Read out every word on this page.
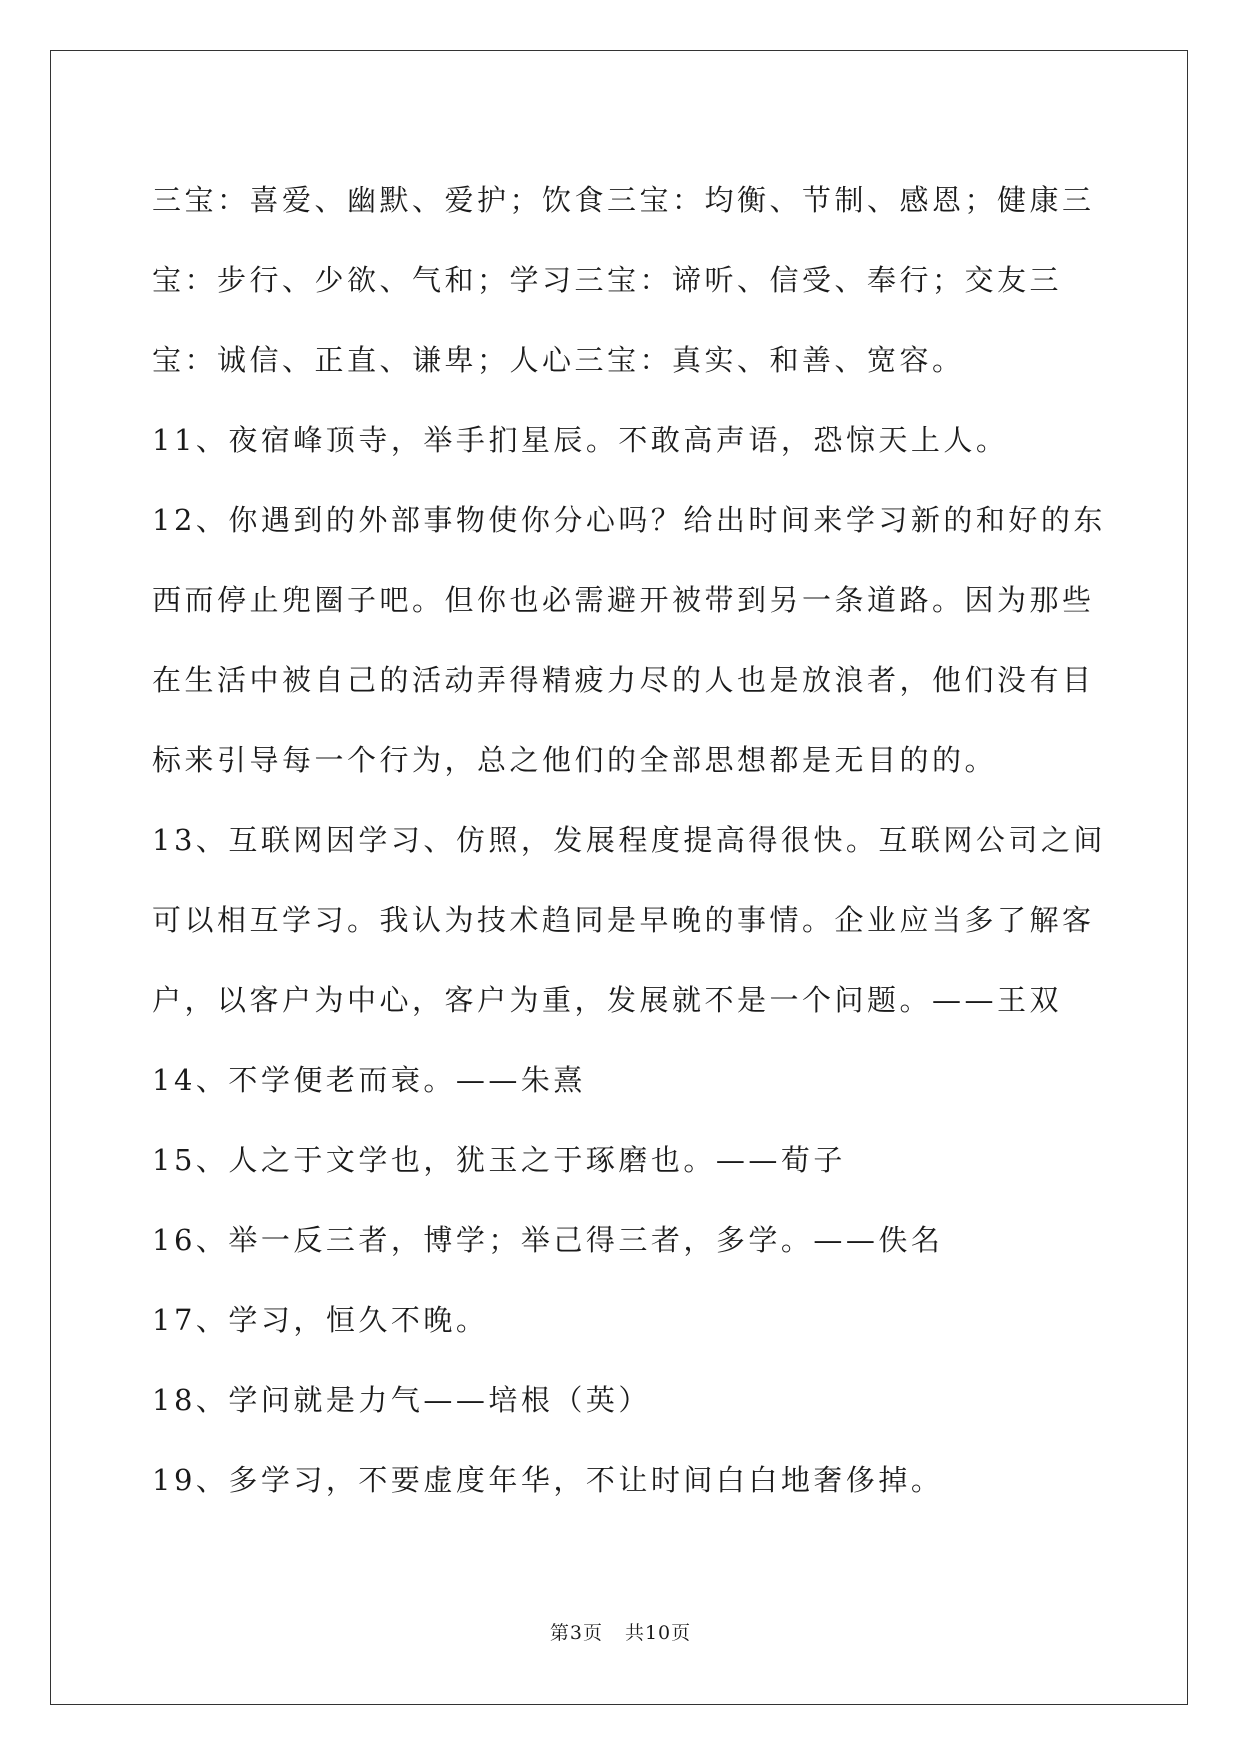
三宝：喜爱、幽默、爱护；饮食三宝：均衡、节制、感恩；健康三宝：步行、少欲、气和；学习三宝：谛听、信受、奉行；交友三宝：诚信、正直、谦卑；人心三宝：真实、和善、宽容。

11、夜宿峰顶寺，举手扪星辰。不敢高声语，恐惊天上人。

12、你遇到的外部事物使你分心吗？给出时间来学习新的和好的东西而停止兜圈子吧。但你也必需避开被带到另一条道路。因为那些在生活中被自己的活动弄得精疲力尽的人也是放浪者，他们没有目标来引导每一个行为，总之他们的全部思想都是无目的的。

13、互联网因学习、仿照，发展程度提高得很快。互联网公司之间可以相互学习。我认为技术趋同是早晚的事情。企业应当多了解客户，以客户为中心，客户为重，发展就不是一个问题。——王双

14、不学便老而衰。——朱熹

15、人之于文学也，犹玉之于琢磨也。——荀子

16、举一反三者，博学；举己得三者，多学。——佚名

17、学习，恒久不晚。

18、学问就是力气——培根（英）

19、多学习，不要虚度年华，不让时间白白地奢侈掉。

第3页 共10页
